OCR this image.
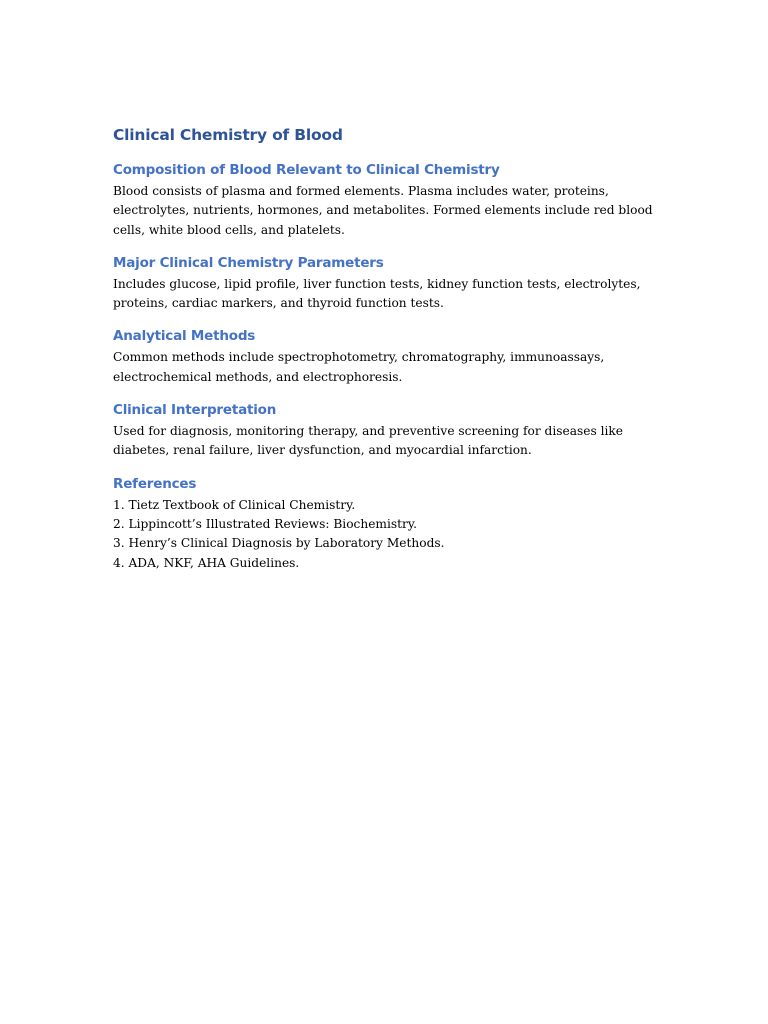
Clinical Chemistry of Blood
Composition of Blood Relevant to Clinical Chemistry

Blood consists of plasma and formed elements. Plasma includes water, proteins, electrolytes, nutrients, hormones, and metabolites. Formed elements include red blood cells, white blood cells, and platelets.

Major Clinical Chemistry Parameters

Includes glucose, lipid profile, liver function tests, kidney function tests, electrolytes, proteins, cardiac markers, and thyroid function tests.

Analytical Methods

Common methods include spectrophotometry, chromatography, immunoassays, electrochemical methods, and electrophoresis.

Clinical Interpretation

Used for diagnosis, monitoring therapy, and preventive screening for diseases like diabetes, renal failure, liver dysfunction, and myocardial infarction.

References
1. Tietz Textbook of Clinical Chemistry.
2. Lippincott’s Illustrated Reviews: Biochemistry.
3. Henry’s Clinical Diagnosis by Laboratory Methods.
4. ADA, NKF, AHA Guidelines.
